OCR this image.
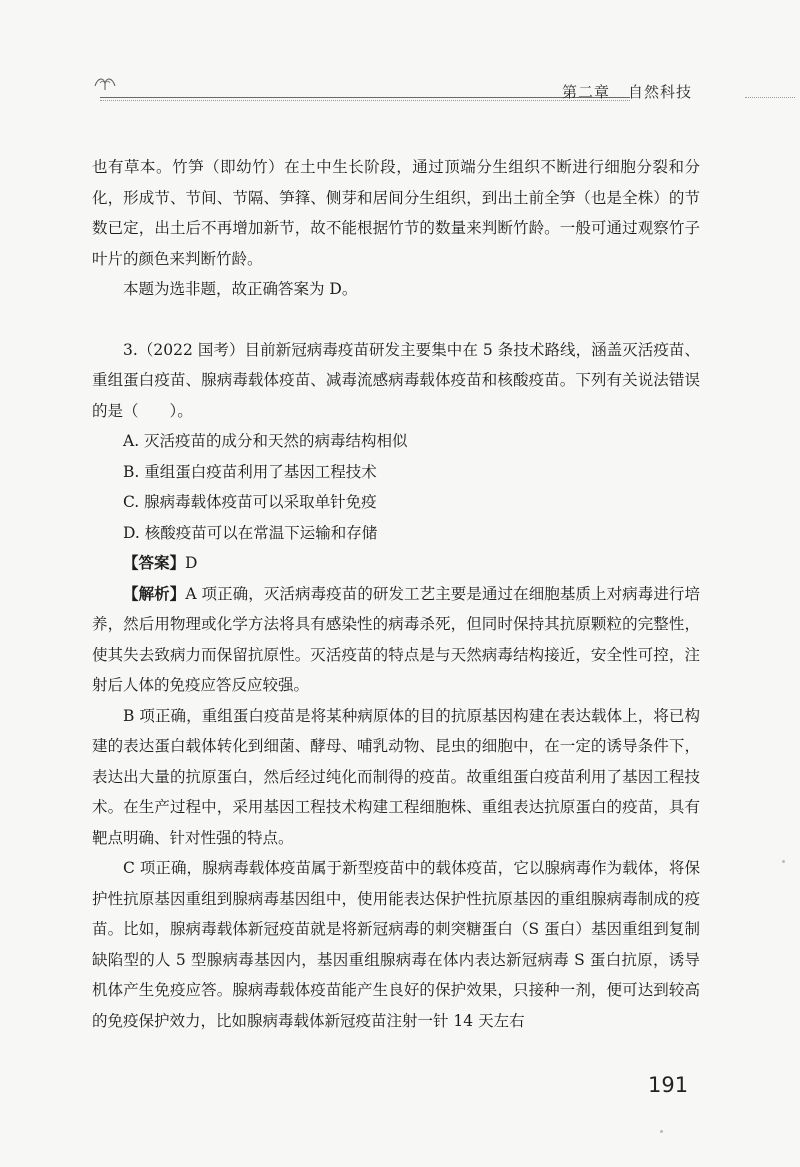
第二章 自然科技

也有草本。竹笋（即幼竹）在土中生长阶段，通过顶端分生组织不断进行细胞分裂和分化，形成节、节间、节隔、笋箨、侧芽和居间分生组织，到出土前全笋（也是全株）的节数已定，出土后不再增加新节，故不能根据竹节的数量来判断竹龄。一般可通过观察竹子叶片的颜色来判断竹龄。

本题为选非题，故正确答案为 D。

3.（2022 国考）目前新冠病毒疫苗研发主要集中在 5 条技术路线，涵盖灭活疫苗、重组蛋白疫苗、腺病毒载体疫苗、减毒流感病毒载体疫苗和核酸疫苗。下列有关说法错误的是（　　）。

A. 灭活疫苗的成分和天然的病毒结构相似

B. 重组蛋白疫苗利用了基因工程技术

C. 腺病毒载体疫苗可以采取单针免疫

D. 核酸疫苗可以在常温下运输和存储

【答案】D

【解析】A 项正确，灭活病毒疫苗的研发工艺主要是通过在细胞基质上对病毒进行培养，然后用物理或化学方法将具有感染性的病毒杀死，但同时保持其抗原颗粒的完整性，使其失去致病力而保留抗原性。灭活疫苗的特点是与天然病毒结构接近，安全性可控，注射后人体的免疫应答反应较强。

B 项正确，重组蛋白疫苗是将某种病原体的目的抗原基因构建在表达载体上，将已构建的表达蛋白载体转化到细菌、酵母、哺乳动物、昆虫的细胞中，在一定的诱导条件下，表达出大量的抗原蛋白，然后经过纯化而制得的疫苗。故重组蛋白疫苗利用了基因工程技术。在生产过程中，采用基因工程技术构建工程细胞株、重组表达抗原蛋白的疫苗，具有靶点明确、针对性强的特点。

C 项正确，腺病毒载体疫苗属于新型疫苗中的载体疫苗，它以腺病毒作为载体，将保护性抗原基因重组到腺病毒基因组中，使用能表达保护性抗原基因的重组腺病毒制成的疫苗。比如，腺病毒载体新冠疫苗就是将新冠病毒的刺突糖蛋白（S 蛋白）基因重组到复制缺陷型的人 5 型腺病毒基因内，基因重组腺病毒在体内表达新冠病毒 S 蛋白抗原，诱导机体产生免疫应答。腺病毒载体疫苗能产生良好的保护效果，只接种一剂，便可达到较高的免疫保护效力，比如腺病毒载体新冠疫苗注射一针 14 天左右

191
